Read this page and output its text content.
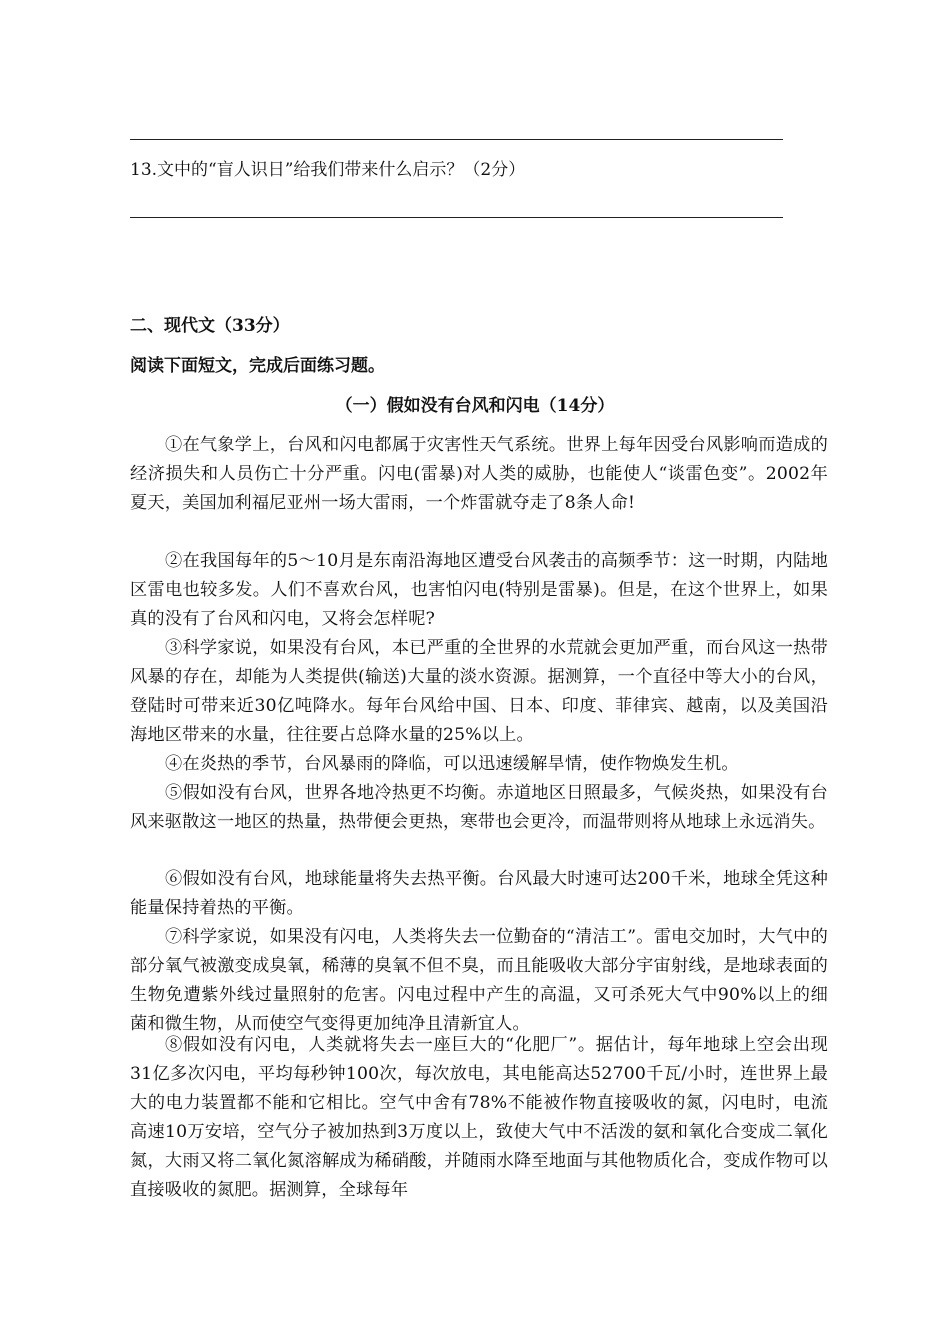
13.文中的“盲人识日”给我们带来什么启示？（2分）
二、现代文（33分）
阅读下面短文，完成后面练习题。
（一）假如没有台风和闪电（14分）
①在气象学上，台风和闪电都属于灾害性天气系统。世界上每年因受台风影响而造成的经济损失和人员伤亡十分严重。闪电(雷暴)对人类的威胁，也能使人“谈雷色变”。2002年夏天，美国加利福尼亚州一场大雷雨，一个炸雷就夺走了8条人命!
②在我国每年的5～10月是东南沿海地区遭受台风袭击的高频季节：这一时期，内陆地区雷电也较多发。人们不喜欢台风，也害怕闪电(特别是雷暴)。但是，在这个世界上，如果真的没有了台风和闪电，又将会怎样呢?
③科学家说，如果没有台风，本已严重的全世界的水荒就会更加严重，而台风这一热带风暴的存在，却能为人类提供(输送)大量的淡水资源。据测算，一个直径中等大小的台风，登陆时可带来近30亿吨降水。每年台风给中国、日本、印度、菲律宾、越南，以及美国沿海地区带来的水量，往往要占总降水量的25%以上。
④在炎热的季节，台风暴雨的降临，可以迅速缓解旱情，使作物焕发生机。
⑤假如没有台风，世界各地冷热更不均衡。赤道地区日照最多，气候炎热，如果没有台风来驱散这一地区的热量，热带便会更热，寒带也会更冷，而温带则将从地球上永远消失。
⑥假如没有台风，地球能量将失去热平衡。台风最大时速可达200千米，地球全凭这种能量保持着热的平衡。
⑦科学家说，如果没有闪电，人类将失去一位勤奋的“清洁工”。雷电交加时，大气中的部分氧气被激变成臭氧，稀薄的臭氧不但不臭，而且能吸收大部分宇宙射线，是地球表面的生物免遭紫外线过量照射的危害。闪电过程中产生的高温，又可杀死大气中90%以上的细菌和微生物，从而使空气变得更加纯净且清新宜人。
⑧假如没有闪电，人类就将失去一座巨大的“化肥厂”。据估计，每年地球上空会出现31亿多次闪电，平均每秒钟100次，每次放电，其电能高达52700千瓦/小时，连世界上最大的电力装置都不能和它相比。空气中舍有78%不能被作物直接吸收的氮，闪电时，电流高速10万安培，空气分子被加热到3万度以上，致使大气中不活泼的氨和氧化合变成二氧化氮，大雨又将二氧化氮溶解成为稀硝酸，并随雨水降至地面与其他物质化合，变成作物可以直接吸收的氮肥。据测算，全球每年
